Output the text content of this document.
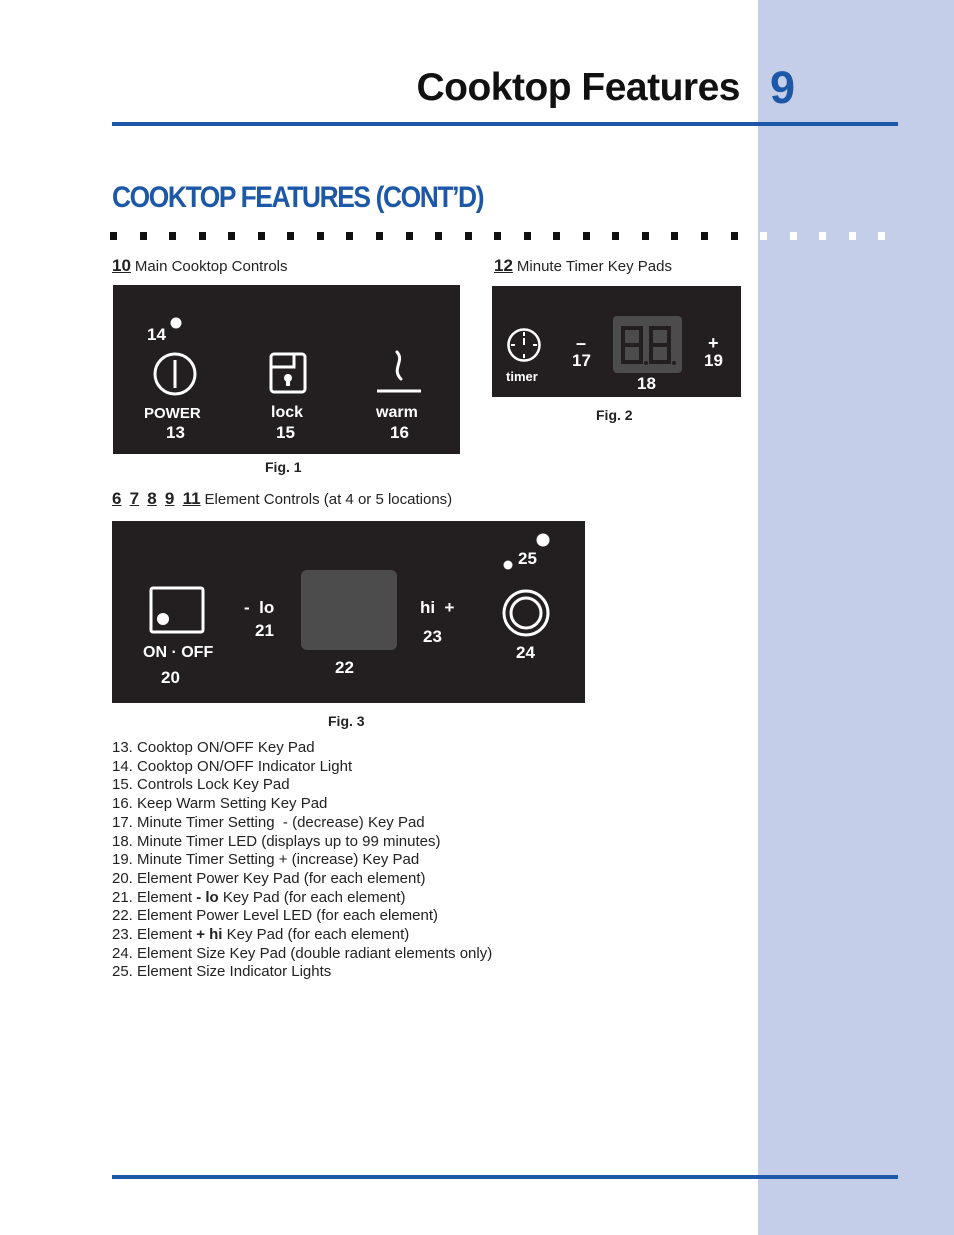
Cooktop Features 9
COOKTOP FEATURES (CONT’D)
10 Main Cooktop Controls	12 Minute Timer Key Pads
14
POWER
13
lock
15
warm
16
Fig. 1
timer
–
17
18
+
19
Fig. 2
6 7 8 9 11 Element Controls (at 4 or 5 locations)
ON · OFF
20
-  lo
21
22
hi  +
23
24
25
Fig. 3
13. Cooktop ON/OFF Key Pad
14. Cooktop ON/OFF Indicator Light
15. Controls Lock Key Pad
16. Keep Warm Setting Key Pad
17. Minute Timer Setting  - (decrease) Key Pad
18. Minute Timer LED (displays up to 99 minutes)
19. Minute Timer Setting + (increase) Key Pad
20. Element Power Key Pad (for each element)
21. Element - lo Key Pad (for each element)
22. Element Power Level LED (for each element)
23. Element + hi Key Pad (for each element)
24. Element Size Key Pad (double radiant elements only)
25. Element Size Indicator Lights
